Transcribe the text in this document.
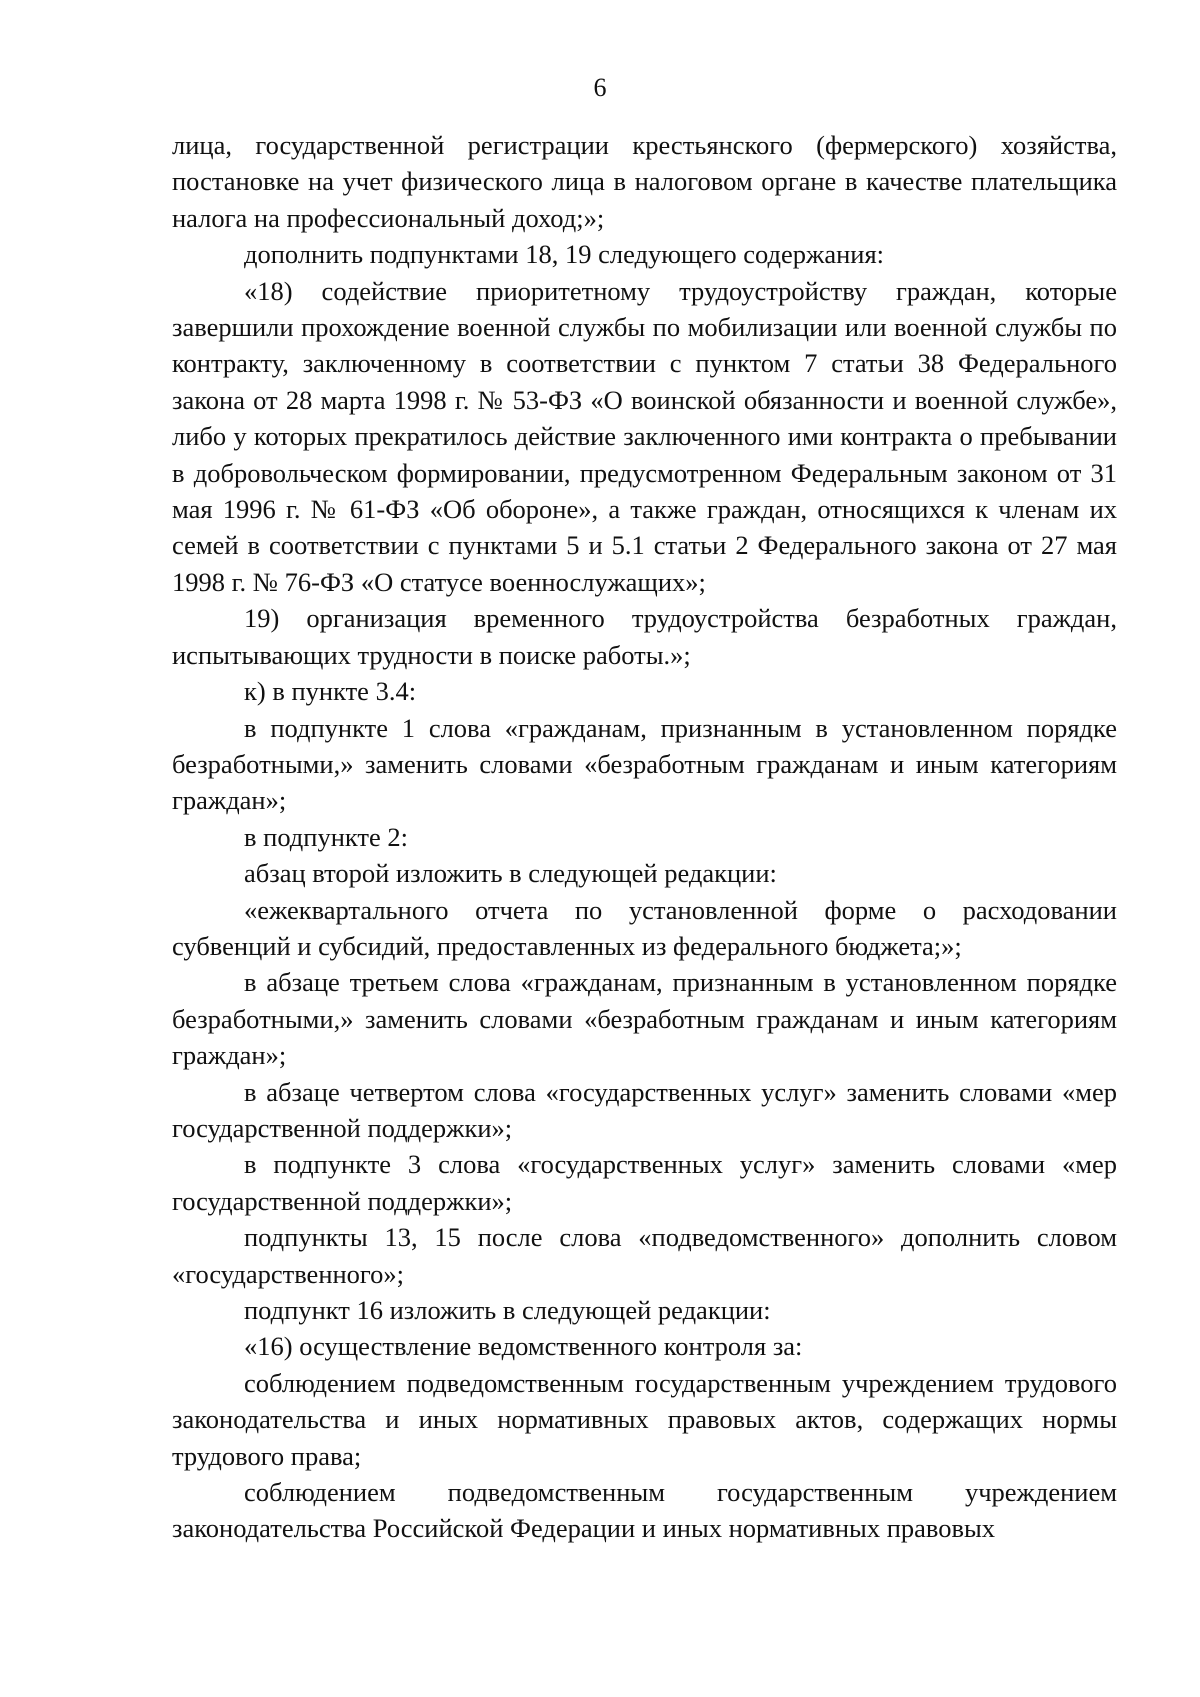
6

лица, государственной регистрации крестьянского (фермерского) хозяйства, постановке на учет физического лица в налоговом органе в качестве плательщика налога на профессиональный доход;»;

дополнить подпунктами 18, 19 следующего содержания:

«18) содействие приоритетному трудоустройству граждан, которые завершили прохождение военной службы по мобилизации или военной службы по контракту, заключенному в соответствии с пунктом 7 статьи 38 Федерального закона от 28 марта 1998 г. № 53-ФЗ «О воинской обязанности и военной службе», либо у которых прекратилось действие заключенного ими контракта о пребывании в добровольческом формировании, предусмотренном Федеральным законом от 31 мая 1996 г. № 61-ФЗ «Об обороне», а также граждан, относящихся к членам их семей в соответствии с пунктами 5 и 5.1 статьи 2 Федерального закона от 27 мая 1998 г. № 76-ФЗ «О статусе военнослужащих»;

19) организация временного трудоустройства безработных граждан, испытывающих трудности в поиске работы.»;

к) в пункте 3.4:

в подпункте 1 слова «гражданам, признанным в установленном порядке безработными,» заменить словами «безработным гражданам и иным категориям граждан»;

в подпункте 2:

абзац второй изложить в следующей редакции:

«ежеквартального отчета по установленной форме о расходовании субвенций и субсидий, предоставленных из федерального бюджета;»;

в абзаце третьем слова «гражданам, признанным в установленном порядке безработными,» заменить словами «безработным гражданам и иным категориям граждан»;

в абзаце четвертом слова «государственных услуг» заменить словами «мер государственной поддержки»;

в подпункте 3 слова «государственных услуг» заменить словами «мер государственной поддержки»;

подпункты 13, 15 после слова «подведомственного» дополнить словом «государственного»;

подпункт 16 изложить в следующей редакции:

«16) осуществление ведомственного контроля за:

соблюдением подведомственным государственным учреждением трудового законодательства и иных нормативных правовых актов, содержащих нормы трудового права;

соблюдением подведомственным государственным учреждением законодательства Российской Федерации и иных нормативных правовых
